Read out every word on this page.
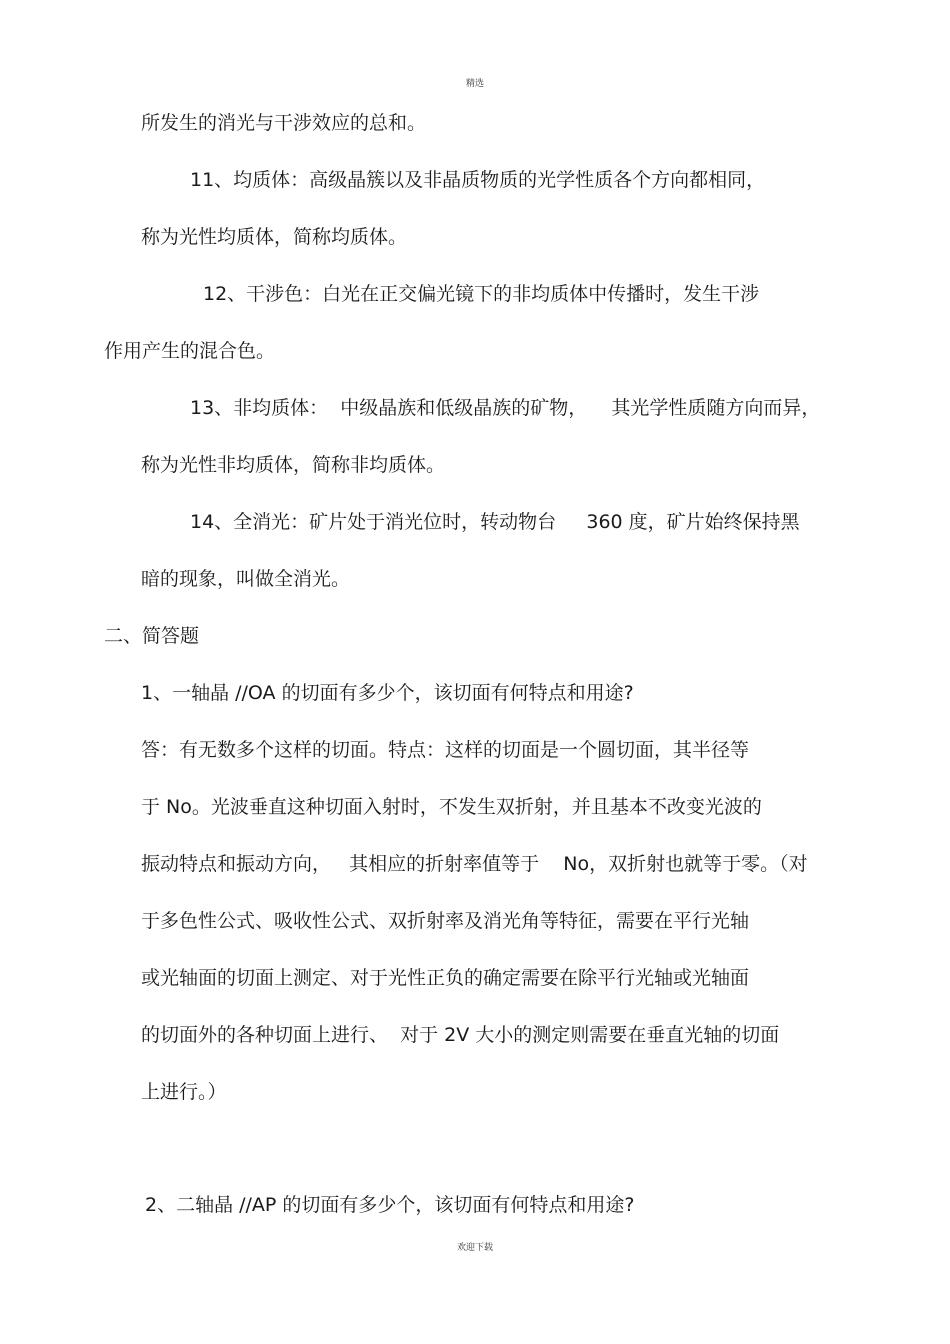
精选
所发生的消光与干涉效应的总和。
11、均质体：高级晶簇以及非晶质物质的光学性质各个方向都相同，
称为光性均质体，简称均质体。
12、干涉色：白光在正交偏光镜下的非均质体中传播时，发生干涉
作用产生的混合色。
13、非均质体：  中级晶族和低级晶族的矿物，    其光学性质随方向而异，
称为光性非均质体，简称非均质体。
14、全消光：矿片处于消光位时，转动物台     360 度，矿片始终保持黑
暗的现象，叫做全消光。
二、简答题
1、一轴晶 //OA 的切面有多少个，该切面有何特点和用途?
答：有无数多个这样的切面。特点：这样的切面是一个圆切面，其半径等
于 No。光波垂直这种切面入射时，不发生双折射，并且基本不改变光波的
振动特点和振动方向，   其相应的折射率值等于    No，双折射也就等于零。（对
于多色性公式、吸收性公式、双折射率及消光角等特征，需要在平行光轴
或光轴面的切面上测定、对于光性正负的确定需要在除平行光轴或光轴面
的切面外的各种切面上进行、  对于 2V 大小的测定则需要在垂直光轴的切面
上进行。）
2、二轴晶 //AP 的切面有多少个，该切面有何特点和用途?
欢迎下载
